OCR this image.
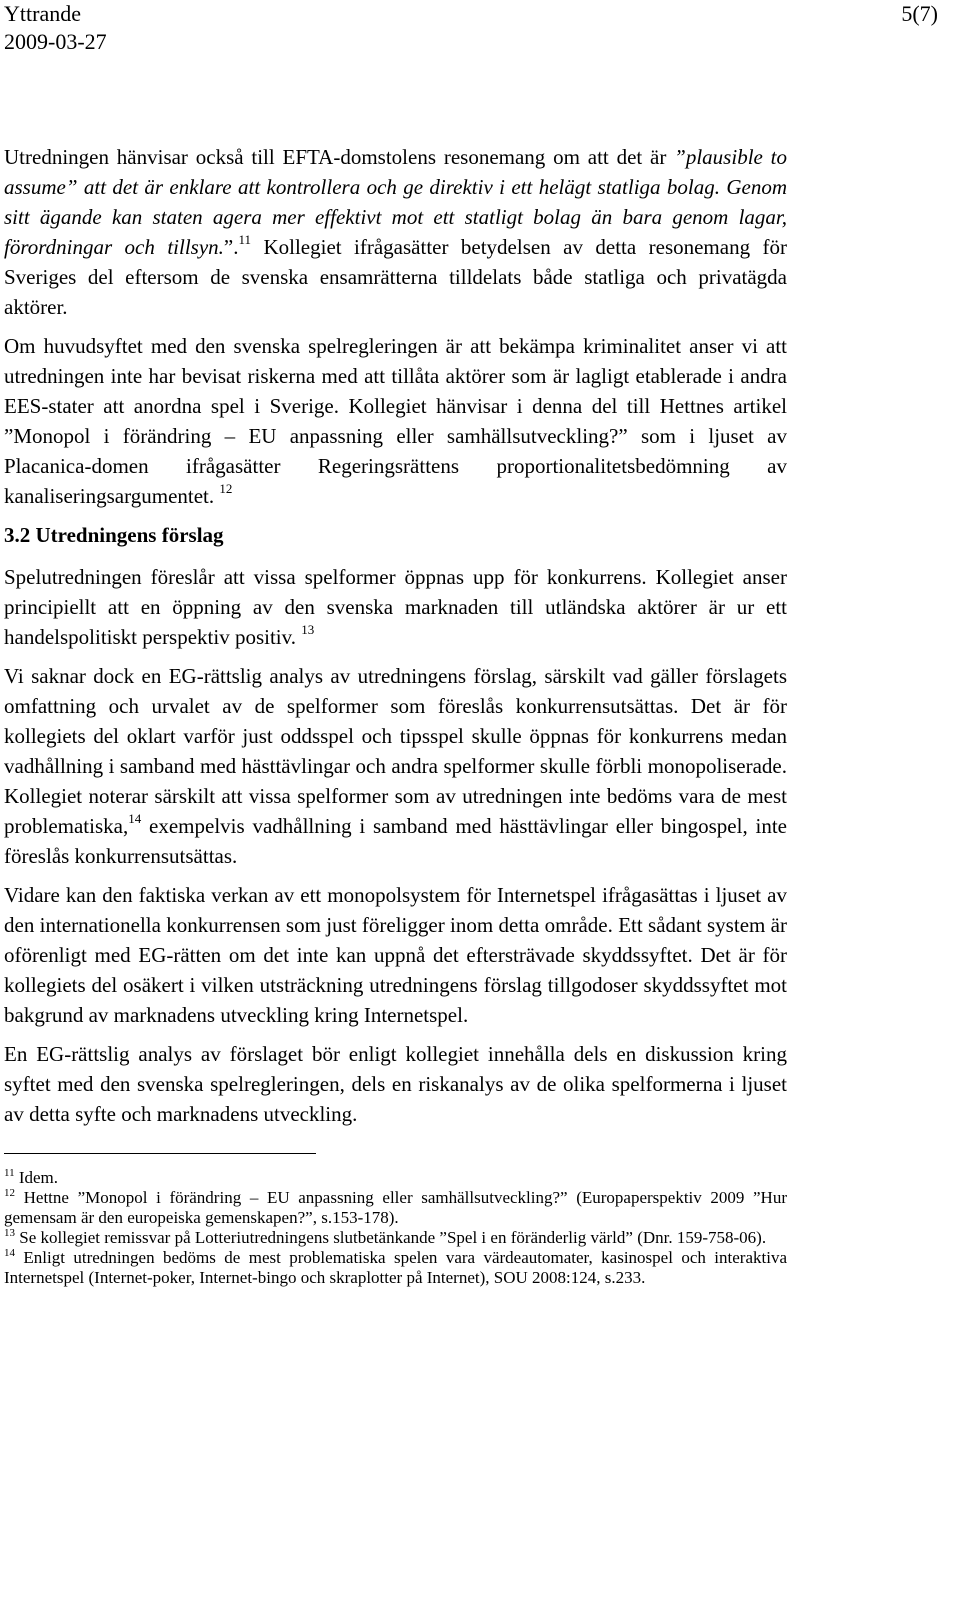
Yttrande
2009-03-27
5(7)

Utredningen hänvisar också till EFTA-domstolens resonemang om att det är ”plausible to assume” att det är enklare att kontrollera och ge direktiv i ett helägt statliga bolag. Genom sitt ägande kan staten agera mer effektivt mot ett statligt bolag än bara genom lagar, förordningar och tillsyn.”.$^{11}$ Kollegiet ifrågasätter betydelsen av detta resonemang för Sveriges del eftersom de svenska ensamrätterna tilldelats både statliga och privatägda aktörer.

Om huvudsyftet med den svenska spelregleringen är att bekämpa kriminalitet anser vi att utredningen inte har bevisat riskerna med att tillåta aktörer som är lagligt etablerade i andra EES-stater att anordna spel i Sverige. Kollegiet hänvisar i denna del till Hettnes artikel ”Monopol i förändring – EU anpassning eller samhällsutveckling?” som i ljuset av Placanica-domen ifrågasätter Regeringsrättens proportionalitetsbedömning av kanaliseringsargumentet. $^{12}$

3.2 Utredningens förslag

Spelutredningen föreslår att vissa spelformer öppnas upp för konkurrens. Kollegiet anser principiellt att en öppning av den svenska marknaden till utländska aktörer är ur ett handelspolitiskt perspektiv positiv. $^{13}$

Vi saknar dock en EG-rättslig analys av utredningens förslag, särskilt vad gäller förslagets omfattning och urvalet av de spelformer som föreslås konkurrensutsättas. Det är för kollegiets del oklart varför just oddsspel och tipsspel skulle öppnas för konkurrens medan vadhållning i samband med hästtävlingar och andra spelformer skulle förbli monopoliserade. Kollegiet noterar särskilt att vissa spelformer som av utredningen inte bedöms vara de mest problematiska,$^{14}$ exempelvis vadhållning i samband med hästtävlingar eller bingospel, inte föreslås konkurrensutsättas.

Vidare kan den faktiska verkan av ett monopolsystem för Internetspel ifrågasättas i ljuset av den internationella konkurrensen som just föreligger inom detta område. Ett sådant system är oförenligt med EG-rätten om det inte kan uppnå det eftersträvade skyddssyftet. Det är för kollegiets del osäkert i vilken utsträckning utredningens förslag tillgodoser skyddssyftet mot bakgrund av marknadens utveckling kring Internetspel.

En EG-rättslig analys av förslaget bör enligt kollegiet innehålla dels en diskussion kring syftet med den svenska spelregleringen, dels en riskanalys av de olika spelformerna i ljuset av detta syfte och marknadens utveckling.

$^{11}$ Idem.

$^{12}$ Hettne ”Monopol i förändring – EU anpassning eller samhällsutveckling?” (Europaperspektiv 2009 ”Hur gemensam är den europeiska gemenskapen?”, s.153-178).

$^{13}$ Se kollegiet remissvar på Lotteriutredningens slutbetänkande ”Spel i en föränderlig värld” (Dnr. 159-758-06).

$^{14}$ Enligt utredningen bedöms de mest problematiska spelen vara värdeautomater, kasinospel och interaktiva Internetspel (Internet-poker, Internet-bingo och skraplotter på Internet), SOU 2008:124, s.233.
